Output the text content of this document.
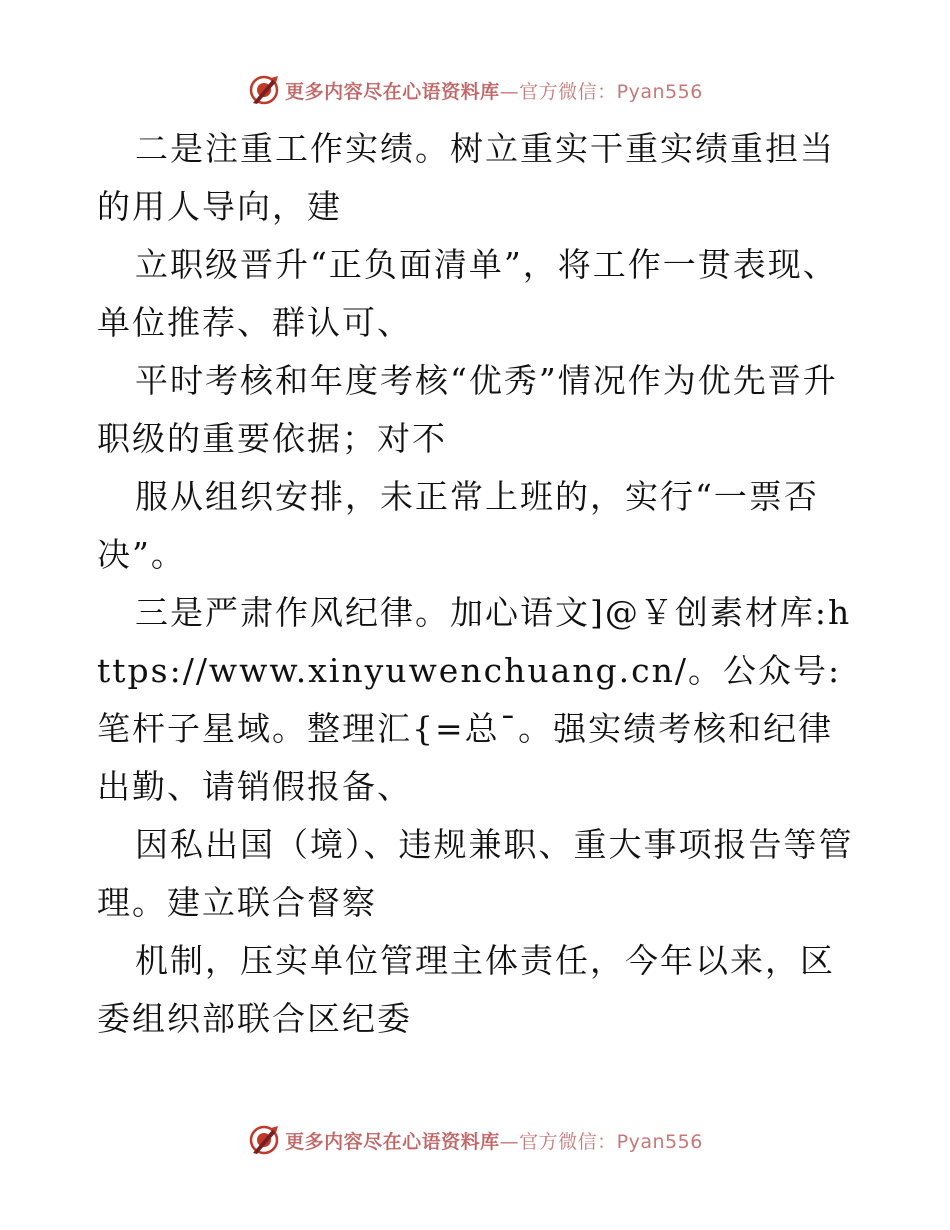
更多内容尽在心语资料库—官方微信：Pyan556

二是注重工作实绩。树立重实干重实绩重担当的用人导向，建

立职级晋升“正负面清单”，将工作一贯表现、单位推荐、群认可、

平时考核和年度考核“优秀”情况作为优先晋升职级的重要依据；对不

服从组织安排，未正常上班的，实行“一票否决”。

三是严肃作风纪律。加心语文]@￥创素材库:https://www.xinyuwenchuang.cn/。公众号: 笔杆子星域。整理汇{=总¯。强实绩考核和纪律出勤、请销假报备、

因私出国（境）、违规兼职、重大事项报告等管理。建立联合督察

机制，压实单位管理主体责任，今年以来，区委组织部联合区纪委

更多内容尽在心语资料库—官方微信：Pyan556
